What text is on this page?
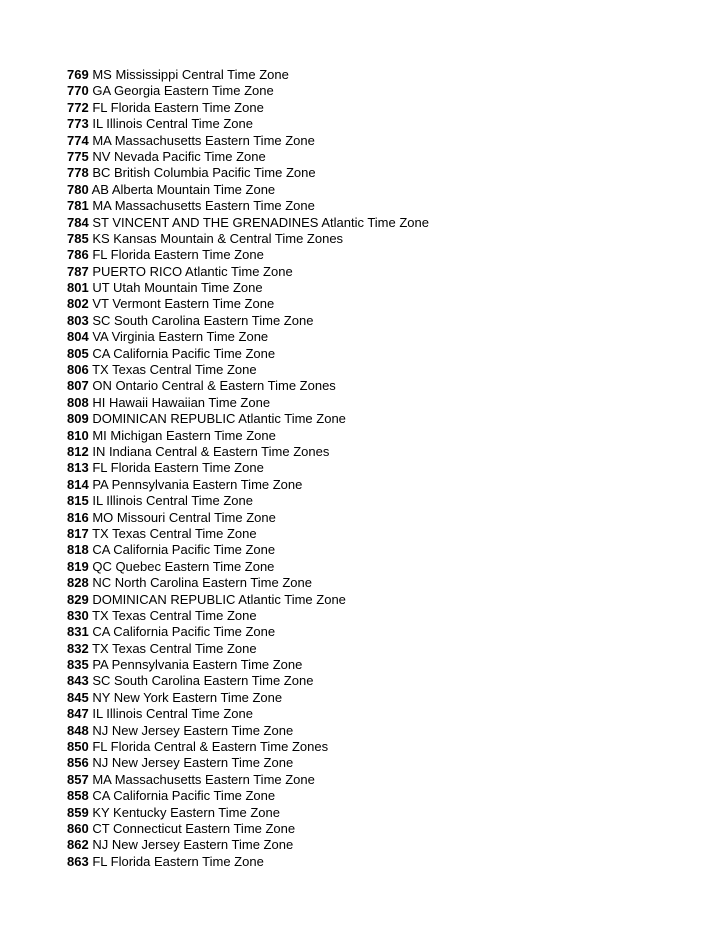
769 MS Mississippi Central Time Zone
770 GA Georgia Eastern Time Zone
772 FL Florida Eastern Time Zone
773 IL Illinois Central Time Zone
774 MA Massachusetts Eastern Time Zone
775 NV Nevada Pacific Time Zone
778 BC British Columbia Pacific Time Zone
780 AB Alberta Mountain Time Zone
781 MA Massachusetts Eastern Time Zone
784 ST VINCENT AND THE GRENADINES Atlantic Time Zone
785 KS Kansas Mountain & Central Time Zones
786 FL Florida Eastern Time Zone
787 PUERTO RICO Atlantic Time Zone
801 UT Utah Mountain Time Zone
802 VT Vermont Eastern Time Zone
803 SC South Carolina Eastern Time Zone
804 VA Virginia Eastern Time Zone
805 CA California Pacific Time Zone
806 TX Texas Central Time Zone
807 ON Ontario Central & Eastern Time Zones
808 HI Hawaii Hawaiian Time Zone
809 DOMINICAN REPUBLIC Atlantic Time Zone
810 MI Michigan Eastern Time Zone
812 IN Indiana Central & Eastern Time Zones
813 FL Florida Eastern Time Zone
814 PA Pennsylvania Eastern Time Zone
815 IL Illinois Central Time Zone
816 MO Missouri Central Time Zone
817 TX Texas Central Time Zone
818 CA California Pacific Time Zone
819 QC Quebec Eastern Time Zone
828 NC North Carolina Eastern Time Zone
829 DOMINICAN REPUBLIC Atlantic Time Zone
830 TX Texas Central Time Zone
831 CA California Pacific Time Zone
832 TX Texas Central Time Zone
835 PA Pennsylvania Eastern Time Zone
843 SC South Carolina Eastern Time Zone
845 NY New York Eastern Time Zone
847 IL Illinois Central Time Zone
848 NJ New Jersey Eastern Time Zone
850 FL Florida Central & Eastern Time Zones
856 NJ New Jersey Eastern Time Zone
857 MA Massachusetts Eastern Time Zone
858 CA California Pacific Time Zone
859 KY Kentucky Eastern Time Zone
860 CT Connecticut Eastern Time Zone
862 NJ New Jersey Eastern Time Zone
863 FL Florida Eastern Time Zone
